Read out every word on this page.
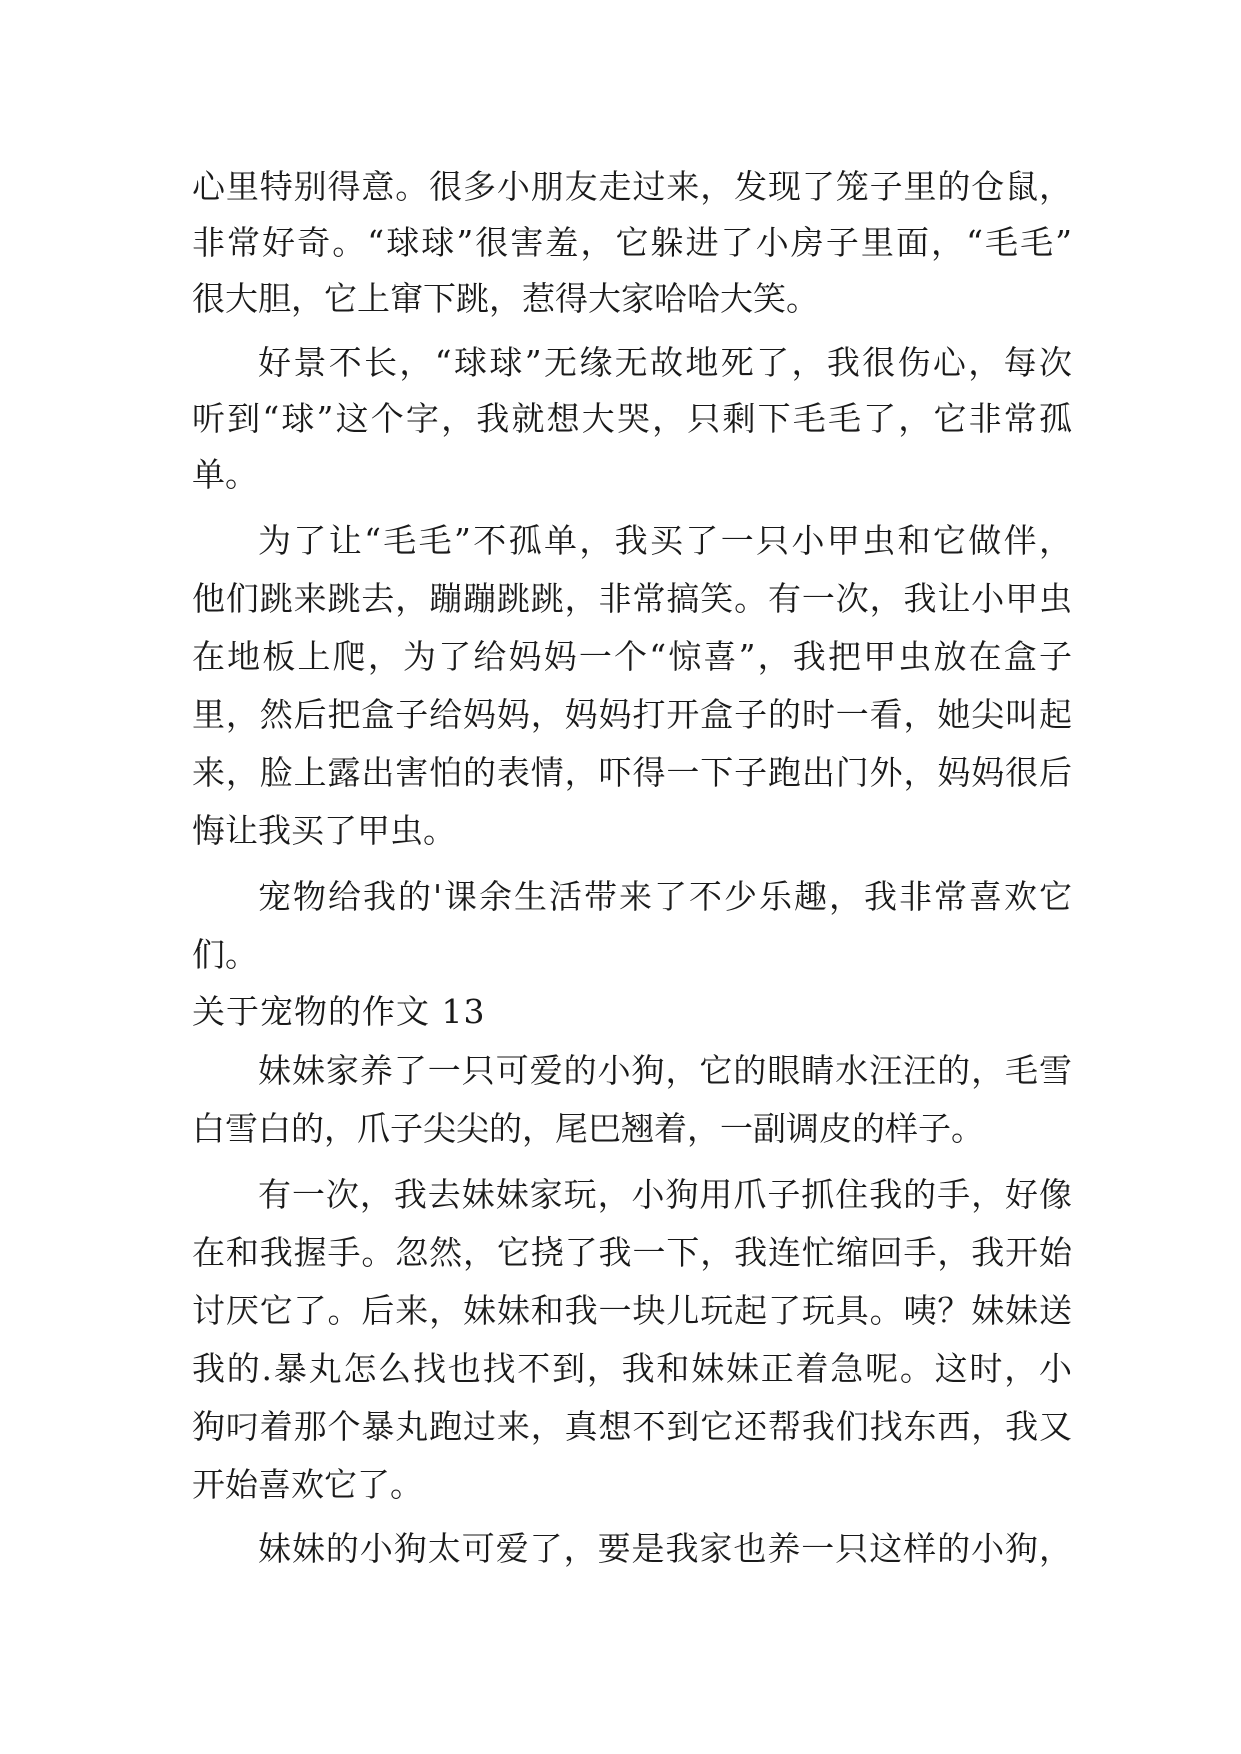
心里特别得意。很多小朋友走过来，发现了笼子里的仓鼠，
非常好奇。“球球”很害羞，它躲进了小房子里面，“毛毛”
很大胆，它上窜下跳，惹得大家哈哈大笑。
好景不长，“球球”无缘无故地死了，我很伤心，每次
听到“球”这个字，我就想大哭，只剩下毛毛了，它非常孤
单。
为了让“毛毛”不孤单，我买了一只小甲虫和它做伴，
他们跳来跳去，蹦蹦跳跳，非常搞笑。有一次，我让小甲虫
在地板上爬，为了给妈妈一个“惊喜”，我把甲虫放在盒子
里，然后把盒子给妈妈，妈妈打开盒子的时一看，她尖叫起
来，脸上露出害怕的表情，吓得一下子跑出门外，妈妈很后
悔让我买了甲虫。
宠物给我的'课余生活带来了不少乐趣，我非常喜欢它
们。
关于宠物的作文 13
妹妹家养了一只可爱的小狗，它的眼睛水汪汪的，毛雪
白雪白的，爪子尖尖的，尾巴翘着，一副调皮的样子。
有一次，我去妹妹家玩，小狗用爪子抓住我的手，好像
在和我握手。忽然，它挠了我一下，我连忙缩回手，我开始
讨厌它了。后来，妹妹和我一块儿玩起了玩具。咦？妹妹送
我的.暴丸怎么找也找不到，我和妹妹正着急呢。这时，小
狗叼着那个暴丸跑过来，真想不到它还帮我们找东西，我又
开始喜欢它了。
妹妹的小狗太可爱了，要是我家也养一只这样的小狗，
